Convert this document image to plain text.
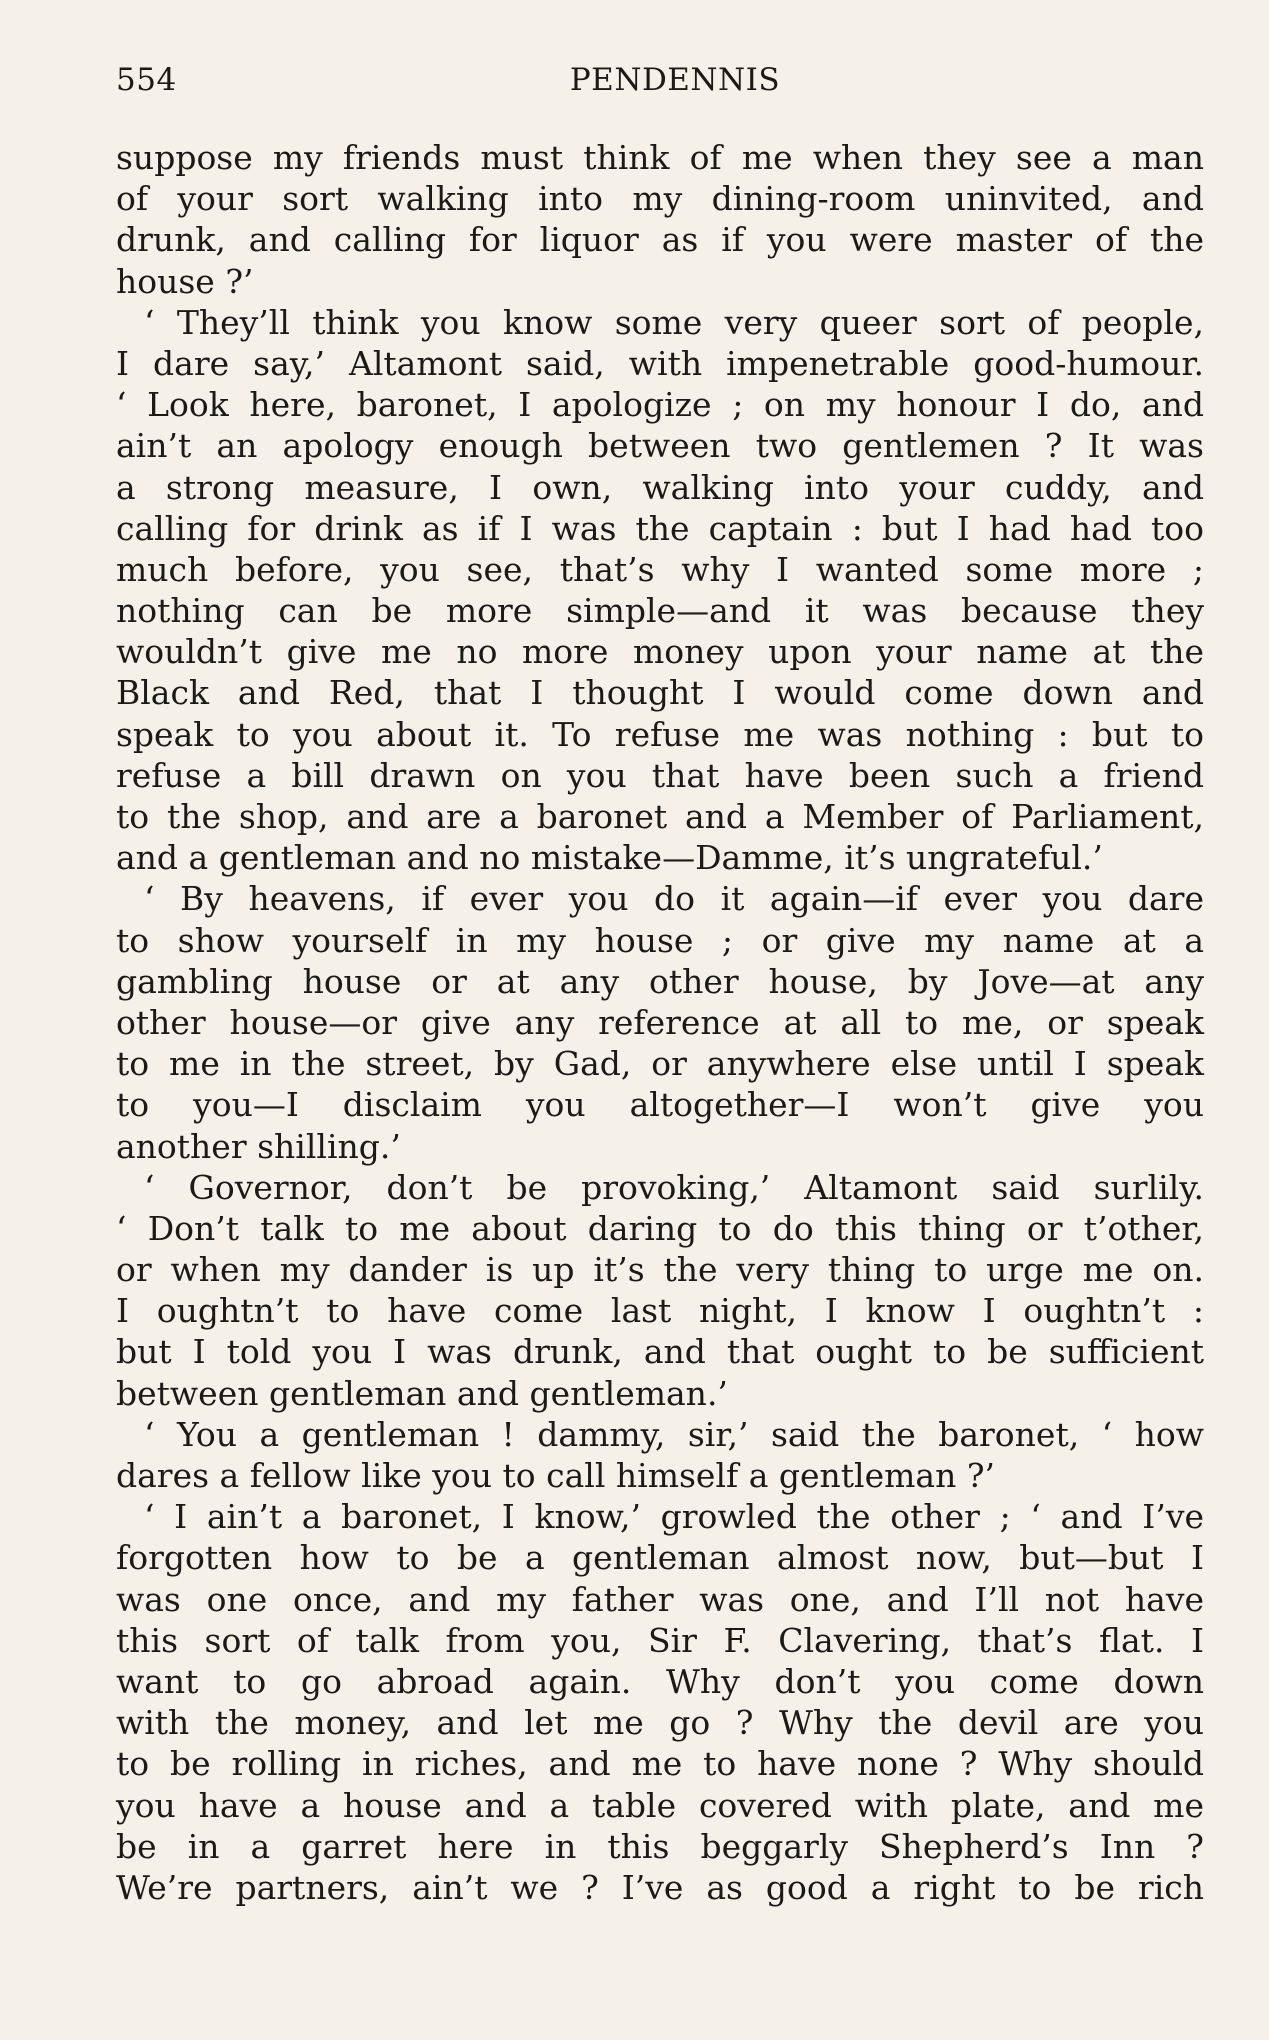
554	PENDENNIS
suppose my friends must think of me when they see a man
of your sort walking into my dining-room uninvited, and
drunk, and calling for liquor as if you were master of the
house ?’
‘ They’ll think you know some very queer sort of people,
I dare say,’ Altamont said, with impenetrable good-humour.
‘ Look here, baronet, I apologize ; on my honour I do, and
ain’t an apology enough between two gentlemen ? It was
a strong measure, I own, walking into your cuddy, and
calling for drink as if I was the captain : but I had had too
much before, you see, that’s why I wanted some more ;
nothing can be more simple—and it was because they
wouldn’t give me no more money upon your name at the
Black and Red, that I thought I would come down and
speak to you about it. To refuse me was nothing : but to
refuse a bill drawn on you that have been such a friend
to the shop, and are a baronet and a Member of Parliament,
and a gentleman and no mistake—Damme, it’s ungrateful.’
‘ By heavens, if ever you do it again—if ever you dare
to show yourself in my house ; or give my name at a
gambling house or at any other house, by Jove—at any
other house—or give any reference at all to me, or speak
to me in the street, by Gad, or anywhere else until I speak
to you—I disclaim you altogether—I won’t give you
another shilling.’
‘ Governor, don’t be provoking,’ Altamont said surlily.
‘ Don’t talk to me about daring to do this thing or t’other,
or when my dander is up it’s the very thing to urge me on.
I oughtn’t to have come last night, I know I oughtn’t :
but I told you I was drunk, and that ought to be sufficient
between gentleman and gentleman.’
‘ You a gentleman ! dammy, sir,’ said the baronet, ‘ how
dares a fellow like you to call himself a gentleman ?’
‘ I ain’t a baronet, I know,’ growled the other ; ‘ and I’ve
forgotten how to be a gentleman almost now, but—but I
was one once, and my father was one, and I’ll not have
this sort of talk from you, Sir F. Clavering, that’s flat. I
want to go abroad again. Why don’t you come down
with the money, and let me go ? Why the devil are you
to be rolling in riches, and me to have none ? Why should
you have a house and a table covered with plate, and me
be in a garret here in this beggarly Shepherd’s Inn ?
We’re partners, ain’t we ? I’ve as good a right to be rich
